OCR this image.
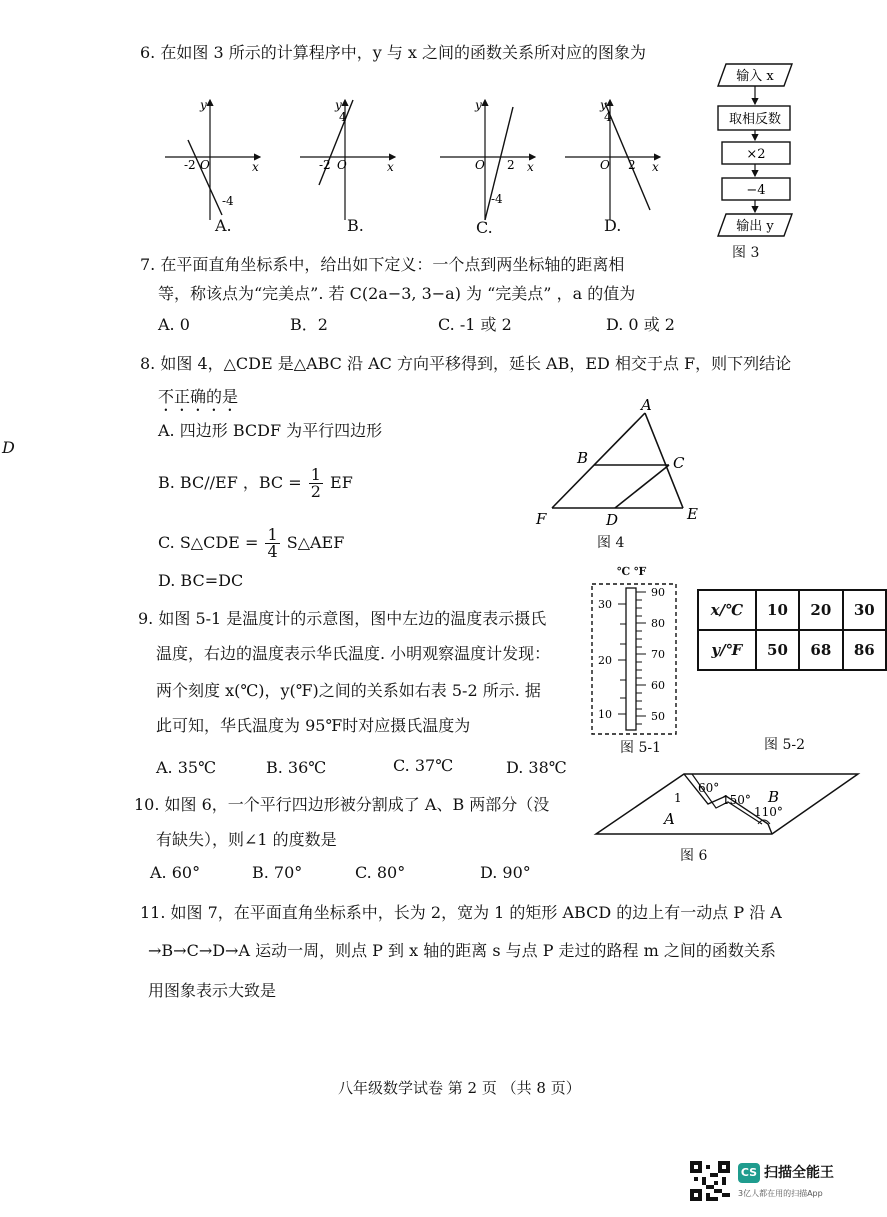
6. 在如图 3 所示的计算程序中，y 与 x 之间的函数关系所对应的图象为
y
x
-2 O
-4
A.
y
x
4
-2 O
B.
y
x
O 2
-4
C.
y
x
4
O 2
D.
输入 x
取相反数
×2
−4
输出 y
图 3
7. 在平面直角坐标系中，给出如下定义：一个点到两坐标轴的距离相
等，称该点为“完美点”. 若 C(2a−3, 3−a) 为 “完美点” ，a 的值为
A. 0	B．2	C. -1 或 2	D. 0 或 2
8. 如图 4，△CDE 是△ABC 沿 AC 方向平移得到，延长 AB，ED 相交于点 F，则下列结论
不正确的是
D
A. 四边形 BCDF 为平行四边形
B. BC//EF ，BC = $\frac{1}{2}$ EF
C. S△CDE = $\frac{1}{4}$ S△AEF
D. BC=DC
A
B	C
D	E
F
图 4
9. 如图 5-1 是温度计的示意图，图中左边的温度表示摄氏
温度，右边的温度表示华氏温度. 小明观察温度计发现：
两个刻度 x(℃)，y(℉)之间的关系如右表 5-2 所示. 据
此可知，华氏温度为 95℉时对应摄氏温度为
A. 35℃	B. 36℃	C. 37℃	D. 38℃
℃ ℉
30
20
10
90
80
70
60
50
图 5-1
x/℃	10	20	30
y/℉	50	68	86
图 5-2
10. 如图 6，一个平行四边形被分割成了 A、B 两部分（没
有缺失），则∠1 的度数是
A. 60°	B. 70°	C. 80°	D. 90°
60°
150°
110°
1
A
B
图 6
11. 如图 7，在平面直角坐标系中，长为 2，宽为 1 的矩形 ABCD 的边上有一动点 P 沿 A
→B→C→D→A 运动一周，则点 P 到 x 轴的距离 s 与点 P 走过的路程 m 之间的函数关系
用图象表示大致是
八年级数学试卷 第 2 页 （共 8 页）
CS 扫描全能王
3亿人都在用的扫描App
